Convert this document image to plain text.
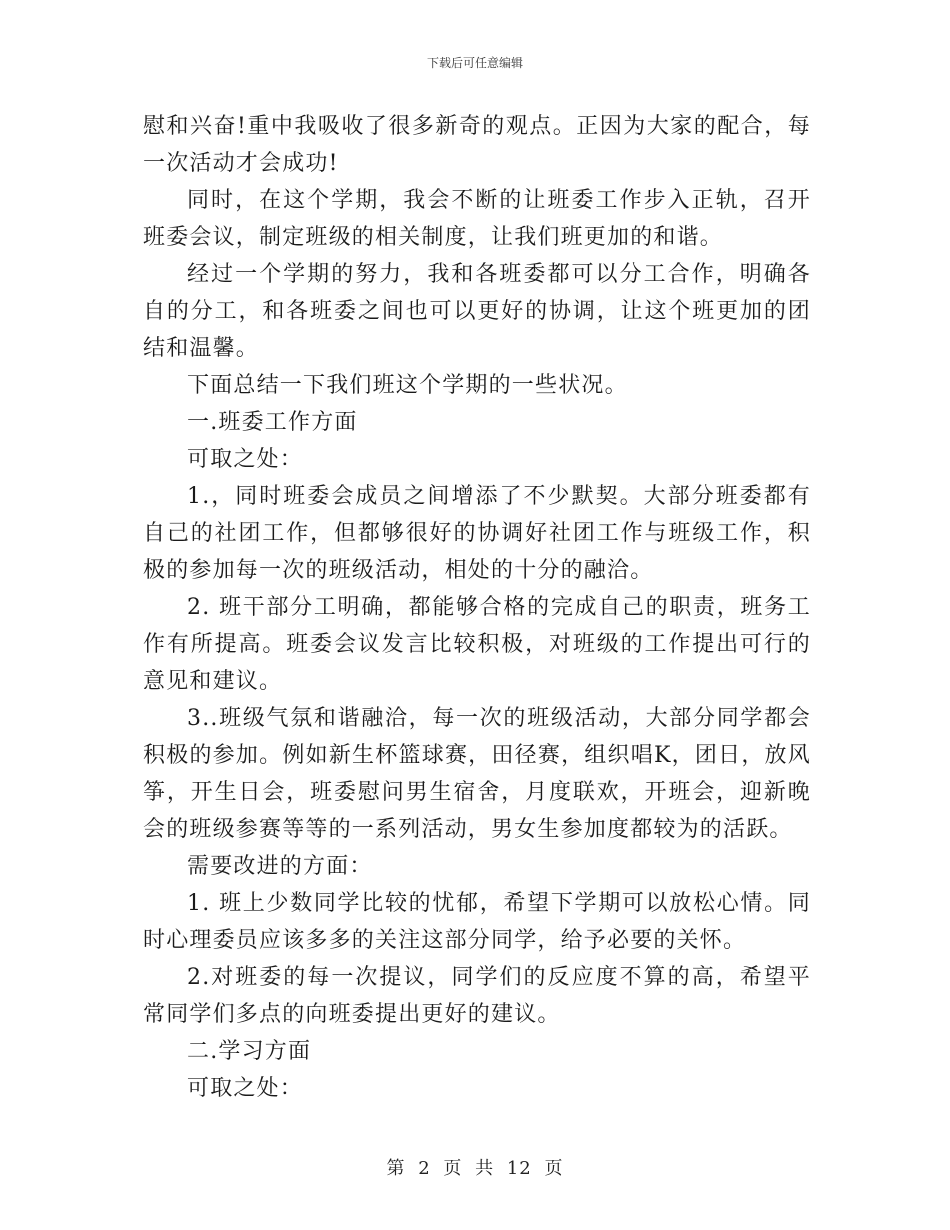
下载后可任意编辑

慰和兴奋!重中我吸收了很多新奇的观点。正因为大家的配合，每一次活动才会成功!

同时，在这个学期，我会不断的让班委工作步入正轨，召开班委会议，制定班级的相关制度，让我们班更加的和谐。

经过一个学期的努力，我和各班委都可以分工合作，明确各自的分工，和各班委之间也可以更好的协调，让这个班更加的团结和温馨。

下面总结一下我们班这个学期的一些状况。

一.班委工作方面

可取之处：

1.，同时班委会成员之间增添了不少默契。大部分班委都有自己的社团工作，但都够很好的协调好社团工作与班级工作，积极的参加每一次的班级活动，相处的十分的融洽。

2. 班干部分工明确，都能够合格的完成自己的职责，班务工作有所提高。班委会议发言比较积极，对班级的工作提出可行的意见和建议。

3..班级气氛和谐融洽，每一次的班级活动，大部分同学都会积极的参加。例如新生杯篮球赛，田径赛，组织唱K，团日，放风筝，开生日会，班委慰问男生宿舍，月度联欢，开班会，迎新晚会的班级参赛等等的一系列活动，男女生参加度都较为的活跃。

需要改进的方面：

1. 班上少数同学比较的忧郁，希望下学期可以放松心情。同时心理委员应该多多的关注这部分同学，给予必要的关怀。

2.对班委的每一次提议，同学们的反应度不算的高，希望平常同学们多点的向班委提出更好的建议。

二.学习方面

可取之处：

第 2 页 共 12 页
